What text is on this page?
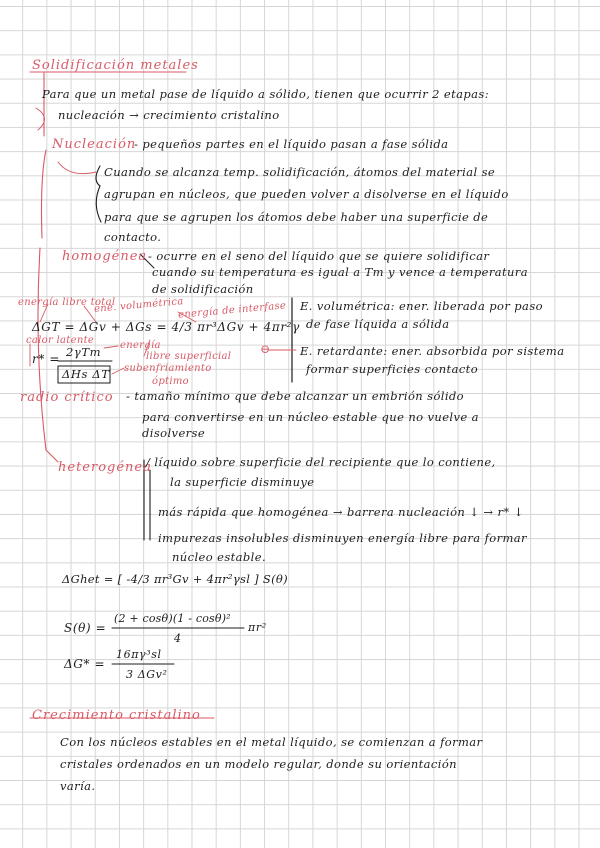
Solidificación metales
Para que un metal pase de líquido a sólido, tienen que ocurrir 2 etapas:
nucleación → crecimiento cristalino
Nucleación
- pequeños partes en el líquido pasan a fase sólida
Cuando se alcanza temp. solidificación, átomos del material se
agrupan en núcleos, que pueden volver a disolverse en el líquido
para que se agrupen los átomos debe haber una superficie de
contacto.
homogénea - ocurre en el seno del líquido que se quiere solidificar
cuando su temperatura es igual a Tm y vence a temperatura
de solidificación
energía libre total
ene. volumétrica
energía de interfase
ΔGT = ΔGv + ΔGs = 4/3 πr³ΔGv + 4πr²γ
calor latente	energía
libre superficial
subenfriamiento
óptimo
r* = 2γTm
ΔHs ΔT
E. volumétrica: ener. liberada por paso
de fase líquida a sólida
⊖	E. retardante: ener. absorbida por sistema
formar superficies contacto
radio crítico - tamaño mínimo que debe alcanzar un embrión sólido
para convertirse en un núcleo estable que no vuelve a
disolverse
heterogénea
/ líquido sobre superficie del recipiente que lo contiene,
la superficie disminuye
más rápida que homogénea → barrera nucleación ↓ → r* ↓
impurezas insolubles disminuyen energía libre para formar
núcleo estable.
ΔGhet = [ -4/3 πr³Gv + 4πr²γsl ] S(θ)
S(θ) =
(2 + cosθ)(1 - cosθ)²
4
πr²
ΔG* =
16πγ³sl
3 ΔGv²
Crecimiento cristalino
Con los núcleos estables en el metal líquido, se comienzan a formar
cristales ordenados en un modelo regular, donde su orientación
varía.
